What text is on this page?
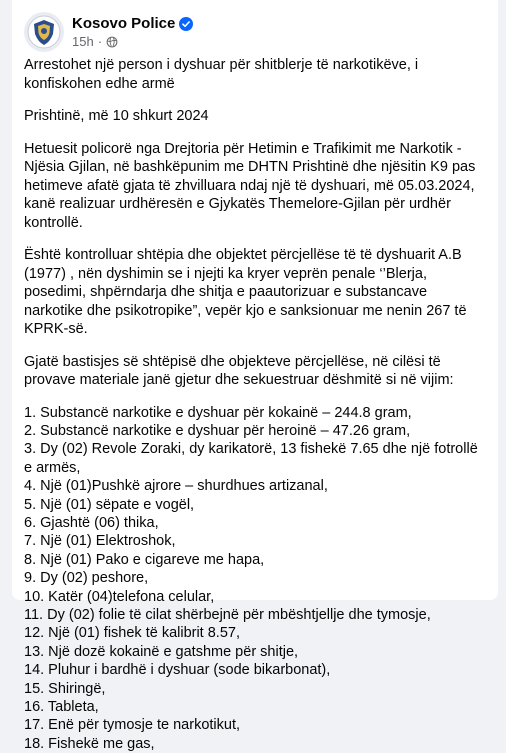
Kosovo Police
15h ·

Arrestohet një person i dyshuar për shitblerje të narkotikëve, i konfiskohen edhe armë

Prishtinë, më 10 shkurt 2024

Hetuesit policorë nga Drejtoria për Hetimin e Trafikimit me Narkotik - Njësia Gjilan, në bashkëpunim me DHTN Prishtinë dhe njësitin K9 pas hetimeve afatë gjata të zhvilluara ndaj një të dyshuari, më 05.03.2024, kanë realizuar urdhëresën e Gjykatës Themelore-Gjilan për urdhër kontrollë.

Është kontrolluar shtëpia dhe objektet përcjellëse të të dyshuarit A.B (1977) , nën dyshimin se i njejti ka kryer veprën penale ‘’Blerja, posedimi, shpërndarja dhe shitja e paautorizuar e substancave narkotike dhe psikotropike”, vepër kjo e sanksionuar me nenin 267 të KPRK-së.

Gjatë bastisjes së shtëpisë dhe objekteve përcjellëse, në cilësi të provave materiale janë gjetur dhe sekuestruar dëshmitë si në vijim:

1. Substancë narkotike e dyshuar për kokainë – 244.8 gram,

2. Substancë narkotike e dyshuar për heroinë – 47.26 gram,

3. Dy (02) Revole Zoraki, dy karikatorë, 13 fishekë 7.65 dhe një fotrollë e armës,

4. Një (01)Pushkë ajrore – shurdhues artizanal,

5. Një (01) sëpate e vogël,

6. Gjashtë (06) thika,

7. Një (01) Elektroshok,

8. Një (01) Pako e cigareve me hapa,

9. Dy (02) peshore,

10. Katër (04)telefona celular,

11. Dy (02) folie të cilat shërbejnë për mbështjellje dhe tymosje,

12. Një (01) fishek të kalibrit 8.57,

13. Një dozë kokainë e gatshme për shitje,

14. Pluhur i bardhë i dyshuar (sode bikarbonat),

15. Shiringë,

16. Tableta,

17. Enë për tymosje te narkotikut,

18. Fishekë me gas,
